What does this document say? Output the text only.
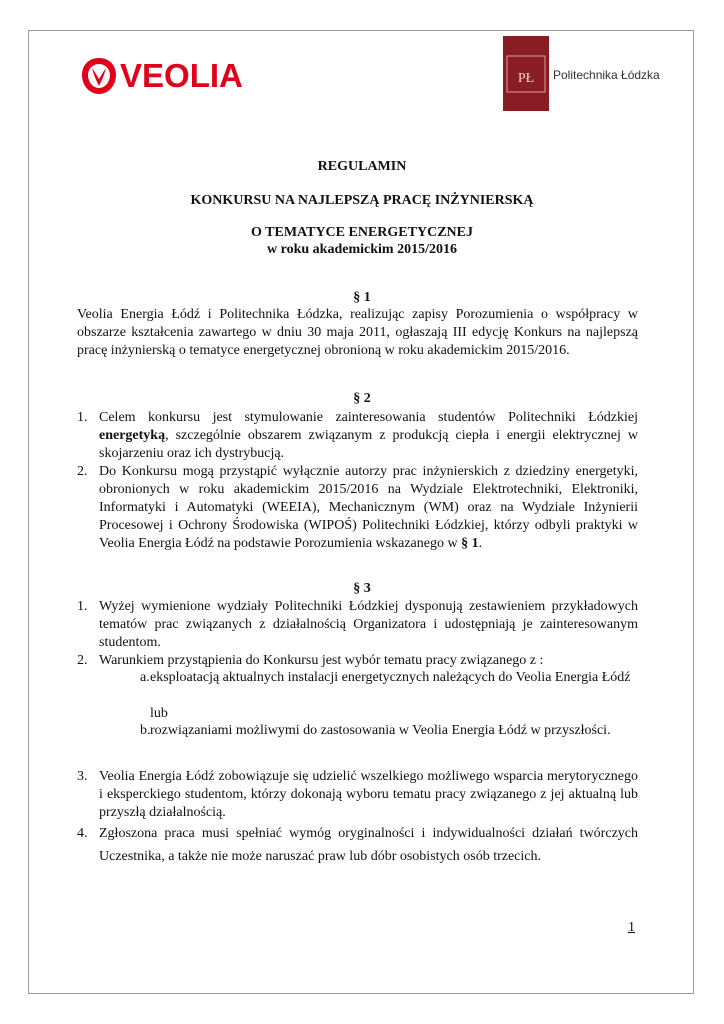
VEOLIA	PŁ Politechnika Łódzka
REGULAMIN
KONKURSU NA NAJLEPSZĄ PRACĘ INŻYNIERSKĄ
O TEMATYCE ENERGETYCZNEJ
w roku akademickim 2015/2016
§ 1
Veolia Energia Łódź i Politechnika Łódzka, realizując zapisy Porozumienia o współpracy w obszarze kształcenia zawartego w dniu 30 maja 2011, ogłaszają III edycję Konkurs na najlepszą pracę inżynierską o tematyce energetycznej obronioną w roku akademickim 2015/2016.
§ 2
1. Celem konkursu jest stymulowanie zainteresowania studentów Politechniki Łódzkiej energetyką, szczególnie obszarem związanym z produkcją ciepła i energii elektrycznej w skojarzeniu oraz ich dystrybucją.
2. Do Konkursu mogą przystąpić wyłącznie autorzy prac inżynierskich z dziedziny energetyki, obronionych w roku akademickim 2015/2016 na Wydziale Elektrotechniki, Elektroniki, Informatyki i Automatyki (WEEIA), Mechanicznym (WM) oraz na Wydziale Inżynierii Procesowej i Ochrony Środowiska (WIPOŚ) Politechniki Łódzkiej, którzy odbyli praktyki w Veolia Energia Łódź na podstawie Porozumienia wskazanego w § 1.
§ 3
1. Wyżej wymienione wydziały Politechniki Łódzkiej dysponują zestawieniem przykładowych tematów prac związanych z działalnością Organizatora i udostępniają je zainteresowanym studentom.
2. Warunkiem przystąpienia do Konkursu jest wybór tematu pracy związanego z :
a. eksploatacją aktualnych instalacji energetycznych należących do Veolia Energia Łódź
lub
b. rozwiązaniami możliwymi do zastosowania w Veolia Energia Łódź w przyszłości.
3. Veolia Energia Łódź zobowiązuje się udzielić wszelkiego możliwego wsparcia merytorycznego i eksperckiego studentom, którzy dokonają wyboru tematu pracy związanego z jej aktualną lub przyszłą działalnością.
4. Zgłoszona praca musi spełniać wymóg oryginalności i indywidualności działań twórczych Uczestnika, a także nie może naruszać praw lub dóbr osobistych osób trzecich.
1
